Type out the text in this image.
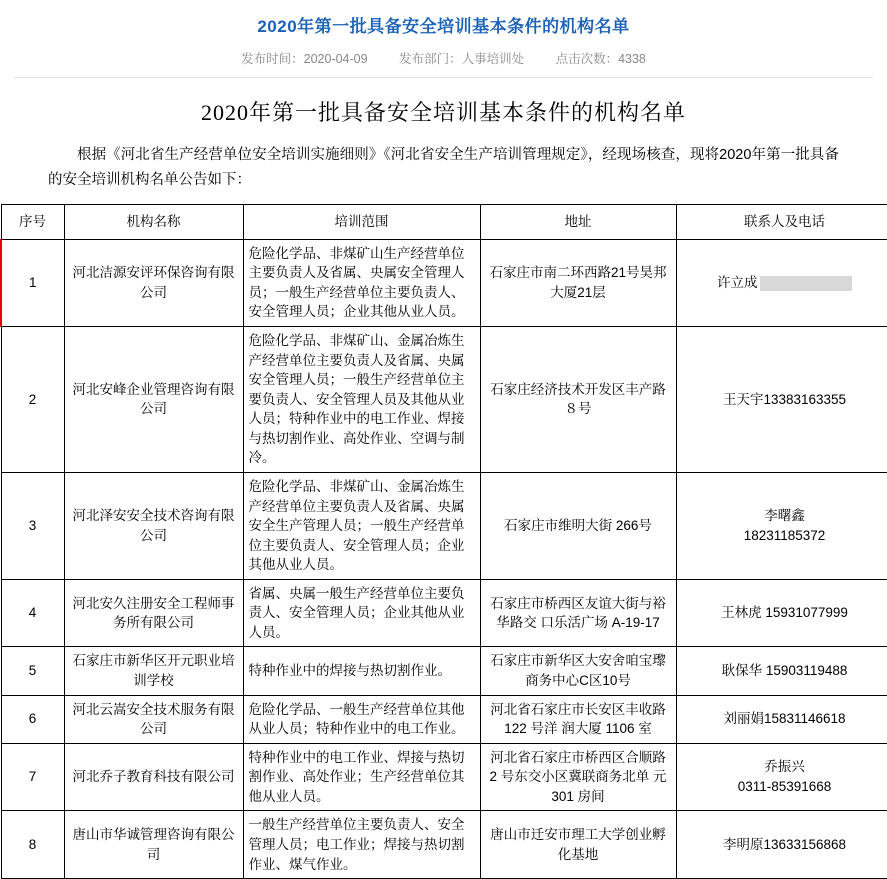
2020年第一批具备安全培训基本条件的机构名单
发布时间：2020-04-09	发布部门：人事培训处	点击次数：4338
2020年第一批具备安全培训基本条件的机构名单
根据《河北省生产经营单位安全培训实施细则》《河北省安全生产培训管理规定》，经现场核查，现将2020年第一批具备的安全培训机构名单公告如下：
序号	机构名称	培训范围	地址	联系人及电话
1	河北洁源安评环保咨询有限公司	危险化学品、非煤矿山生产经营单位主要负责人及省属、央属安全管理人员；一般生产经营单位主要负责人、安全管理人员；企业其他从业人员。	石家庄市南二环西路21号昊邦大厦21层	许立成
2	河北安峰企业管理咨询有限公司	危险化学品、非煤矿山、金属冶炼生产经营单位主要负责人及省属、央属安全管理人员；一般生产经营单位主要负责人、安全管理人员及其他从业人员；特种作业中的电工作业、焊接与热切割作业、高处作业、空调与制冷。	石家庄经济技术开发区丰产路８号	王天宇13383163355
3	河北泽安安全技术咨询有限公司	危险化学品、非煤矿山、金属冶炼生产经营单位主要负责人及省属、央属安全生产管理人员；一般生产经营单位主要负责人、安全管理人员；企业其他从业人员。	石家庄市维明大街 266号	李曙鑫
18231185372
4	河北安久注册安全工程师事务所有限公司	省属、央属一般生产经营单位主要负责人、安全管理人员；企业其他从业人员。	石家庄市桥西区友谊大街与裕华路交 口乐活广场 A-19-17	王林虎 15931077999
5	石家庄市新华区开元职业培训学校	特种作业中的焊接与热切割作业。	石家庄市新华区大安舍咱宝瓈商务中心C区10号	耿保华 15903119488
6	河北云嵩安全技术服务有限公司	危险化学品、一般生产经营单位其他从业人员；特种作业中的电工作业。	河北省石家庄市长安区丰收路 122 号洋 润大厦 1106 室	刘丽娟15831146618
7	河北乔子教育科技有限公司	特种作业中的电工作业、焊接与热切割作业、高处作业；生产经营单位其他从业人员。	河北省石家庄市桥西区合顺路 2 号东交小区冀联商务北单 元 301 房间	乔振兴
0311-85391668
8	唐山市华诚管理咨询有限公司	一般生产经营单位主要负责人、安全管理人员；电工作业；焊接与热切割作业、煤气作业。	唐山市迁安市理工大学创业孵化基地	李明原13633156868
